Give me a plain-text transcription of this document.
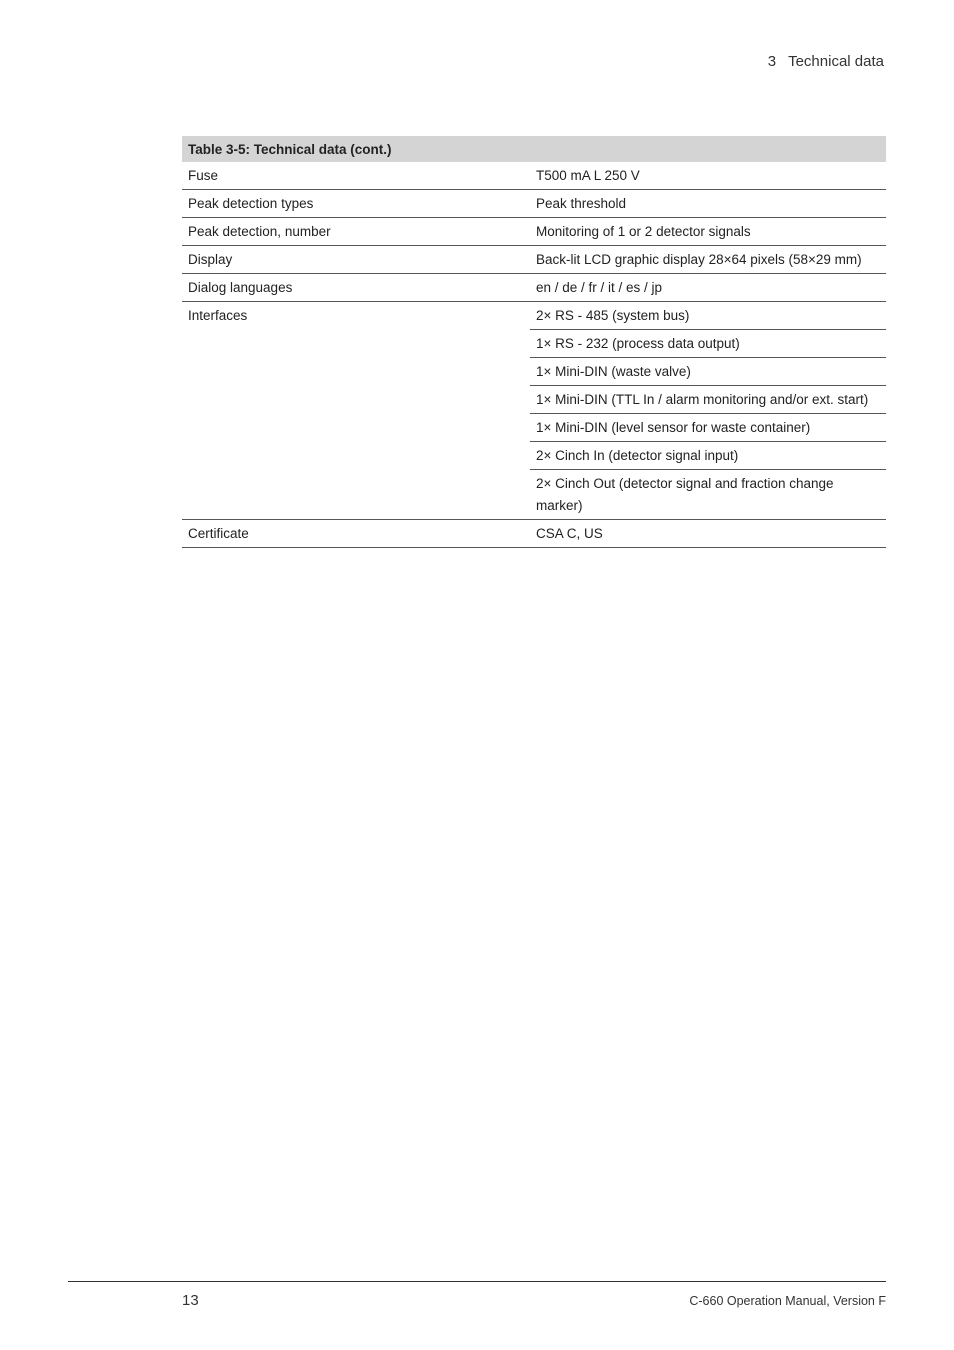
3 Technical data
Table 3-5: Technical data (cont.)	
Fuse	T500 mA L 250 V
Peak detection types	Peak threshold
Peak detection, number	Monitoring of 1 or 2 detector signals
Display	Back-lit LCD graphic display 28×64 pixels (58×29 mm)
Dialog languages	en / de / fr / it / es / jp
Interfaces	2× RS - 485 (system bus)
	1× RS - 232 (process data output)
	1× Mini-DIN (waste valve)
	1× Mini-DIN (TTL In / alarm monitoring and/or ext. start)
	1× Mini-DIN (level sensor for waste container)
	2× Cinch In (detector signal input)
	2× Cinch Out (detector signal and fraction change marker)
Certificate	CSA C, US
13	C-660 Operation Manual, Version F
